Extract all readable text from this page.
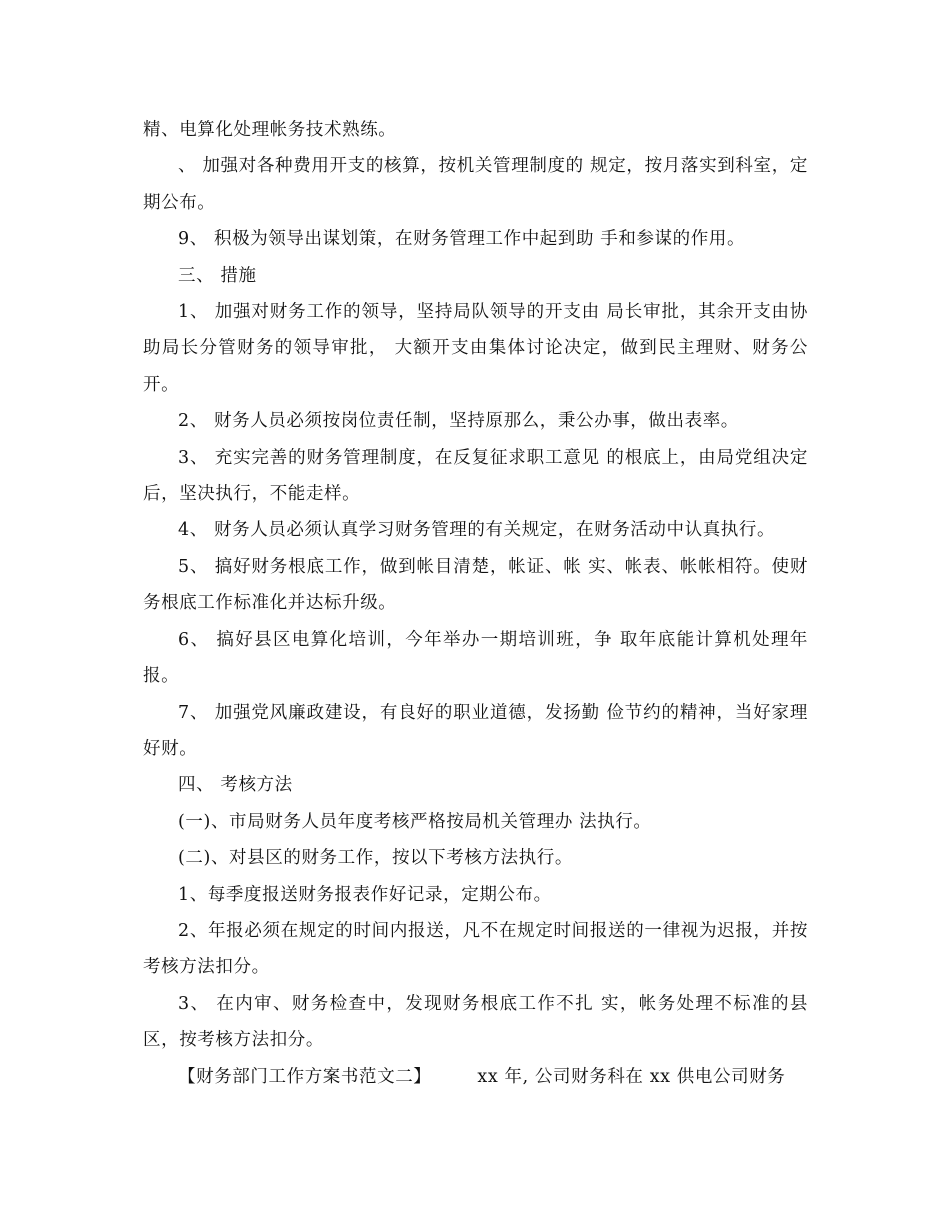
精、电算化处理帐务技术熟练。

、 加强对各种费用开支的核算，按机关管理制度的 规定，按月落实到科室，定期公布。

9、 积极为领导出谋划策，在财务管理工作中起到助 手和参谋的作用。

三、 措施

1、 加强对财务工作的领导，坚持局队领导的开支由 局长审批，其余开支由协助局长分管财务的领导审批， 大额开支由集体讨论决定，做到民主理财、财务公开。

2、 财务人员必须按岗位责任制，坚持原那么，秉公办事，做出表率。

3、 充实完善的财务管理制度，在反复征求职工意见 的根底上，由局党组决定后，坚决执行，不能走样。

4、 财务人员必须认真学习财务管理的有关规定，在财务活动中认真执行。

5、 搞好财务根底工作，做到帐目清楚，帐证、帐 实、帐表、帐帐相符。使财务根底工作标准化并达标升级。

6、 搞好县区电算化培训，今年举办一期培训班，争 取年底能计算机处理年报。

7、 加强党风廉政建设，有良好的职业道德，发扬勤 俭节约的精神，当好家理好财。

四、 考核方法

(一)、市局财务人员年度考核严格按局机关管理办 法执行。

(二)、对县区的财务工作，按以下考核方法执行。

1、每季度报送财务报表作好记录，定期公布。

2、年报必须在规定的时间内报送，凡不在规定时间报送的一律视为迟报，并按考核方法扣分。

3、 在内审、财务检查中，发现财务根底工作不扎 实，帐务处理不标准的县区，按考核方法扣分。

【财务部门工作方案书范文二】	xx 年, 公司财务科在 xx 供电公司财务
